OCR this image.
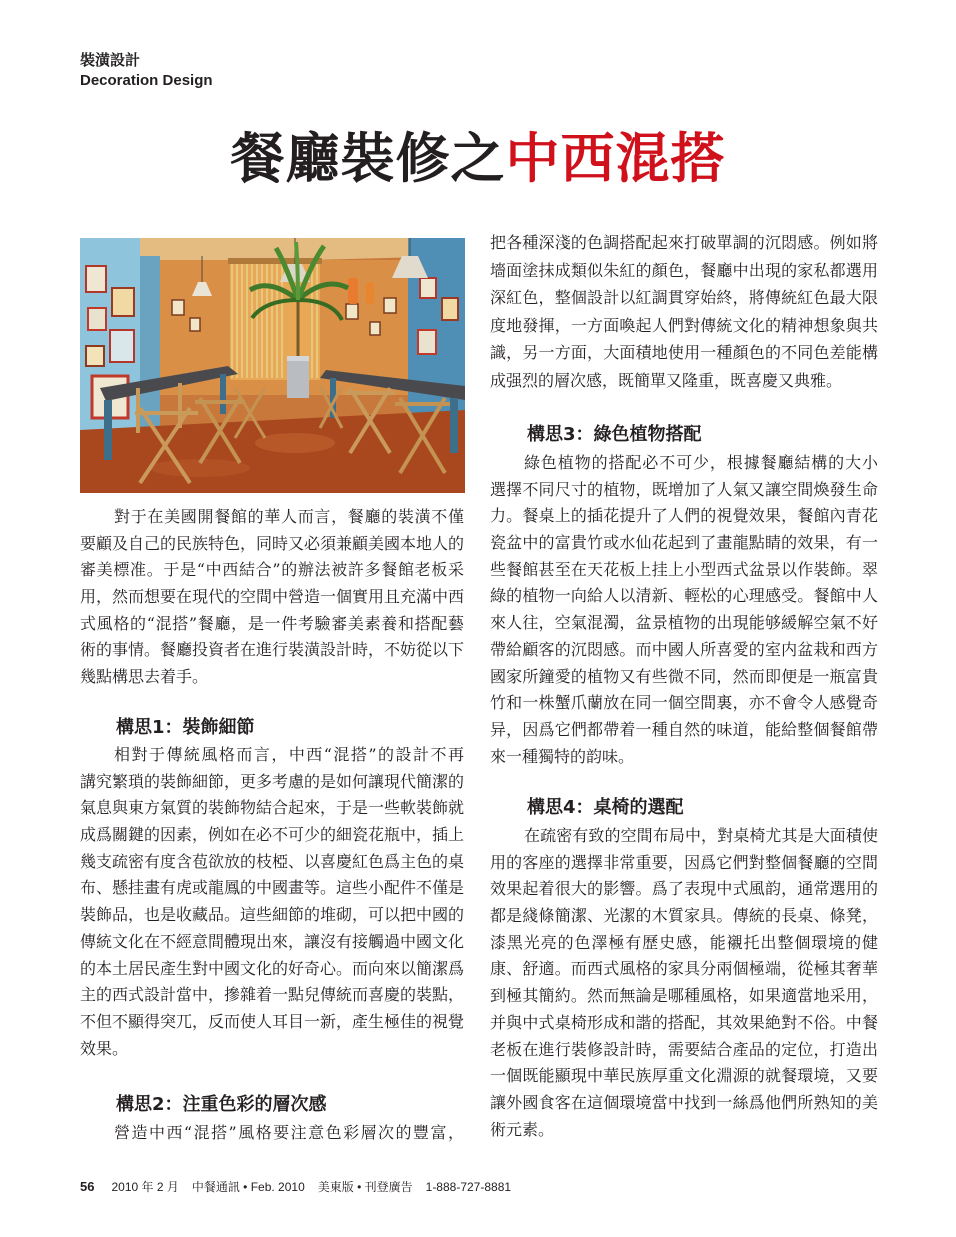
裝潢設計
Decoration Design
餐廳裝修之中西混搭
對于在美國開餐館的華人而言，餐廳的裝潢不僅
要顧及自己的民族特色，同時又必須兼顧美國本地人的
審美標准。于是“中西結合”的辦法被許多餐館老板采
用，然而想要在現代的空間中營造一個實用且充滿中西
式風格的“混搭”餐廳，是一件考驗審美素養和搭配藝
術的事情。餐廳投資者在進行裝潢設計時，不妨從以下
幾點構思去着手。
構思1：裝飾細節
相對于傳統風格而言，中西“混搭”的設計不再
講究繁瑣的裝飾細節，更多考慮的是如何讓現代簡潔的
氣息與東方氣質的裝飾物結合起來，于是一些軟裝飾就
成爲關鍵的因素，例如在必不可少的細瓷花瓶中，插上
幾支疏密有度含苞欲放的枝椏、以喜慶紅色爲主色的桌
布、懸挂畫有虎或龍鳳的中國畫等。這些小配件不僅是
裝飾品，也是收藏品。這些細節的堆砌，可以把中國的
傳統文化在不經意間體現出來，讓沒有接觸過中國文化
的本土居民產生對中國文化的好奇心。而向來以簡潔爲
主的西式設計當中，摻雜着一點兒傳統而喜慶的裝點，
不但不顯得突兀，反而使人耳目一新，產生極佳的視覺
效果。
構思2：注重色彩的層次感
營造中西“混搭”風格要注意色彩層次的豐富，
把各種深淺的色調搭配起來打破單調的沉悶感。例如將
墻面塗抹成類似朱紅的顏色，餐廳中出現的家私都選用
深紅色，整個設計以紅調貫穿始終，將傳統紅色最大限
度地發揮，一方面喚起人們對傳統文化的精神想象與共
識，另一方面，大面積地使用一種顏色的不同色差能構
成强烈的層次感，既簡單又隆重，既喜慶又典雅。
構思3：綠色植物搭配
綠色植物的搭配必不可少，根據餐廳結構的大小
選擇不同尺寸的植物，既增加了人氣又讓空間煥發生命
力。餐桌上的插花提升了人們的視覺效果，餐館內青花
瓷盆中的富貴竹或水仙花起到了畫龍點睛的效果，有一
些餐館甚至在天花板上挂上小型西式盆景以作裝飾。翠
綠的植物一向給人以清新、輕松的心理感受。餐館中人
來人往，空氣混濁，盆景植物的出現能够緩解空氣不好
帶給顧客的沉悶感。而中國人所喜愛的室内盆栽和西方
國家所鐘愛的植物又有些微不同，然而即便是一瓶富貴
竹和一株蟹爪蘭放在同一個空間裏，亦不會令人感覺奇
异，因爲它們都帶着一種自然的味道，能給整個餐館帶
來一種獨特的韵味。
構思4：桌椅的選配
在疏密有致的空間布局中，對桌椅尤其是大面積使
用的客座的選擇非常重要，因爲它們對整個餐廳的空間
效果起着很大的影響。爲了表現中式風韵，通常選用的
都是綫條簡潔、光潔的木質家具。傳統的長桌、條凳，
漆黑光亮的色澤極有歷史感，能襯托出整個環境的健
康、舒適。而西式風格的家具分兩個極端，從極其奢華
到極其簡約。然而無論是哪種風格，如果適當地采用，
并與中式桌椅形成和諧的搭配，其效果絶對不俗。中餐
老板在進行裝修設計時，需要結合產品的定位，打造出
一個既能顯現中華民族厚重文化淵源的就餐環境，又要
讓外國食客在這個環境當中找到一絲爲他們所熟知的美
術元素。
56 2010 年 2 月 中餐通訊 • Feb. 2010 美東版 • 刊登廣告 1-888-727-8881
